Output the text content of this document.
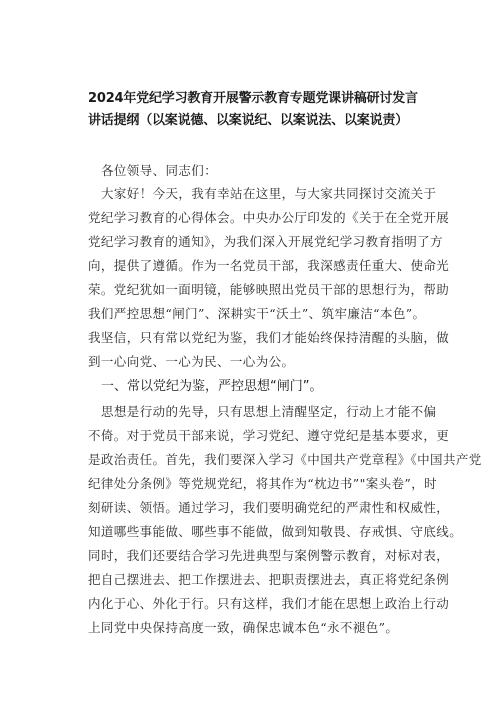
2024年党纪学习教育开展警示教育专题党课讲稿研讨发言
讲话提纲（以案说德、以案说纪、以案说法、以案说责）
各位领导、同志们：
大家好！今天，我有幸站在这里，与大家共同探讨交流关于
党纪学习教育的心得体会。中央办公厅印发的《关于在全党开展
党纪学习教育的通知》，为我们深入开展党纪学习教育指明了方
向，提供了遵循。作为一名党员干部，我深感责任重大、使命光
荣。党纪犹如一面明镜，能够映照出党员干部的思想行为，帮助
我们严控思想“闸门”、深耕实干“沃土”、筑牢廉洁“本色”。
我坚信，只有常以党纪为鉴，我们才能始终保持清醒的头脑，做
到一心向党、一心为民、一心为公。
一、常以党纪为鉴，严控思想“闸门”。
思想是行动的先导，只有思想上清醒坚定，行动上才能不偏
不倚。对于党员干部来说，学习党纪、遵守党纪是基本要求，更
是政治责任。首先，我们要深入学习《中国共产党章程》《中国共产党
纪律处分条例》等党规党纪，将其作为“枕边书”"案头卷”，时
刻研读、领悟。通过学习，我们要明确党纪的严肃性和权威性，
知道哪些事能做、哪些事不能做，做到知敬畏、存戒惧、守底线。
同时，我们还要结合学习先进典型与案例警示教育，对标对表，
把自己摆进去、把工作摆进去、把职责摆进去，真正将党纪条例
内化于心、外化于行。只有这样，我们才能在思想上政治上行动
上同党中央保持高度一致，确保忠诚本色“永不褪色”。
